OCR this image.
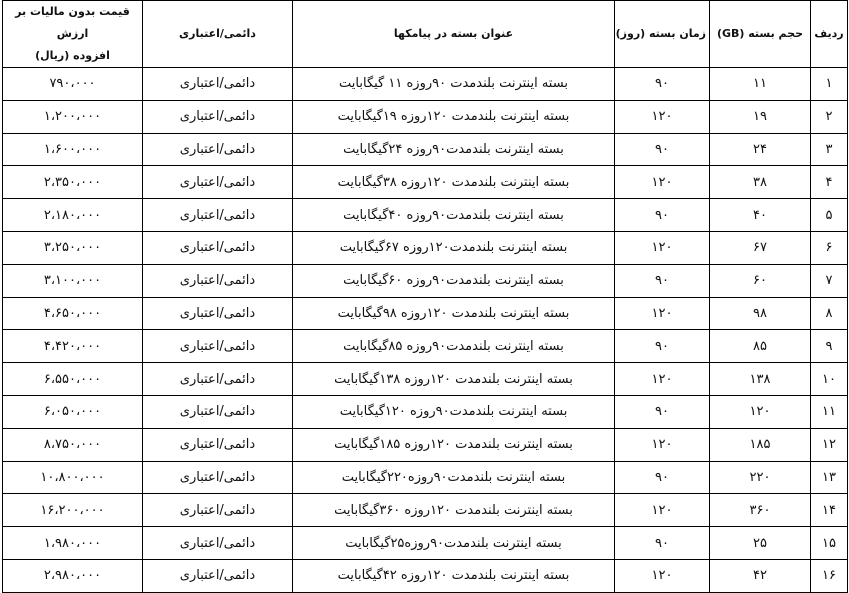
ردیف	حجم بسته (GB)	زمان بسته (روز)	عنوان بسته در پیامکها	دائمی/اعتباری	قیمت بدون مالیات بر ارزش
افزوده (ریال)

۱	۱۱	۹۰	بسته اینترنت بلندمدت ۹۰روزه ۱۱ گیگابایت	دائمی/اعتباری	۷۹۰،۰۰۰
۲	۱۹	۱۲۰	بسته اینترنت بلندمدت ۱۲۰روزه ۱۹گیگابایت	دائمی/اعتباری	۱،۲۰۰،۰۰۰
۳	۲۴	۹۰	بسته اینترنت بلندمدت۹۰روزه ۲۴گیگابایت	دائمی/اعتباری	۱،۶۰۰،۰۰۰
۴	۳۸	۱۲۰	بسته اینترنت بلندمدت ۱۲۰روزه ۳۸گیگابایت	دائمی/اعتباری	۲،۳۵۰،۰۰۰
۵	۴۰	۹۰	بسته اینترنت بلندمدت۹۰روزه ۴۰گیگابایت	دائمی/اعتباری	۲،۱۸۰،۰۰۰
۶	۶۷	۱۲۰	بسته اینترنت بلندمدت۱۲۰روزه ۶۷گیگابایت	دائمی/اعتباری	۳،۲۵۰،۰۰۰
۷	۶۰	۹۰	بسته اینترنت بلندمدت۹۰روزه ۶۰گیگابایت	دائمی/اعتباری	۳،۱۰۰،۰۰۰
۸	۹۸	۱۲۰	بسته اینترنت بلندمدت ۱۲۰روزه ۹۸گیگابایت	دائمی/اعتباری	۴،۶۵۰،۰۰۰
۹	۸۵	۹۰	بسته اینترنت بلندمدت۹۰روزه ۸۵گیگابایت	دائمی/اعتباری	۴،۴۲۰،۰۰۰
۱۰	۱۳۸	۱۲۰	بسته اینترنت بلندمدت ۱۲۰روزه ۱۳۸گیگابایت	دائمی/اعتباری	۶،۵۵۰،۰۰۰
۱۱	۱۲۰	۹۰	بسته اینترنت بلندمدت۹۰روزه ۱۲۰گیگابایت	دائمی/اعتباری	۶،۰۵۰،۰۰۰
۱۲	۱۸۵	۱۲۰	بسته اینترنت بلندمدت ۱۲۰روزه ۱۸۵گیگابایت	دائمی/اعتباری	۸،۷۵۰،۰۰۰
۱۳	۲۲۰	۹۰	بسته اینترنت بلندمدت۹۰روزه۲۲۰گیگابایت	دائمی/اعتباری	۱۰،۸۰۰،۰۰۰
۱۴	۳۶۰	۱۲۰	بسته اینترنت بلندمدت ۱۲۰روزه ۳۶۰گیگابایت	دائمی/اعتباری	۱۶،۲۰۰،۰۰۰
۱۵	۲۵	۹۰	بسته اینترنت بلندمدت۹۰روزه۲۵گیگابایت	دائمی/اعتباری	۱،۹۸۰،۰۰۰
۱۶	۴۲	۱۲۰	بسته اینترنت بلندمدت ۱۲۰روزه ۴۲گیگابایت	دائمی/اعتباری	۲،۹۸۰،۰۰۰
